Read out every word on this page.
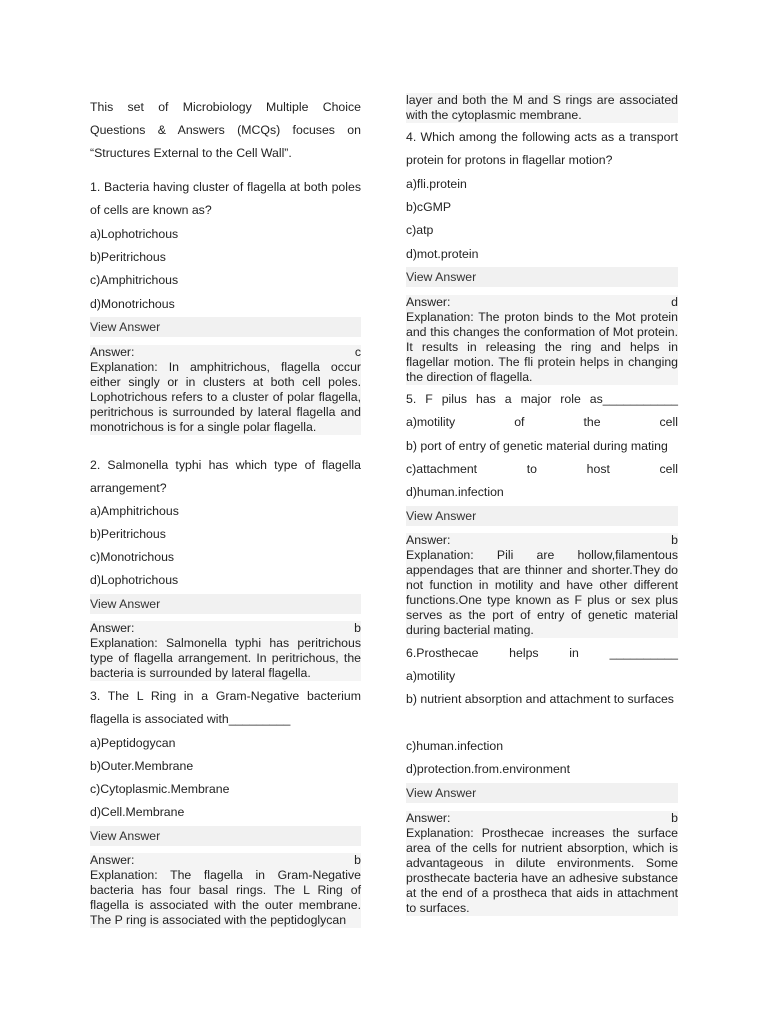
This set of Microbiology Multiple Choice Questions & Answers (MCQs) focuses on “Structures External to the Cell Wall”.
1. Bacteria having cluster of flagella at both poles of cells are known as?
a)Lophotrichous
b)Peritrichous
c)Amphitrichous
d)Monotrichous
View Answer
Answer:	c
Explanation: In amphitrichous, flagella occur either singly or in clusters at both cell poles. Lophotrichous refers to a cluster of polar flagella, peritrichous is surrounded by lateral flagella and monotrichous is for a single polar flagella.
2. Salmonella typhi has which type of flagella arrangement?
a)Amphitrichous
b)Peritrichous
c)Monotrichous
d)Lophotrichous
View Answer
Answer:	b
Explanation: Salmonella typhi has peritrichous type of flagella arrangement. In peritrichous, the bacteria is surrounded by lateral flagella.
3. The L Ring in a Gram-Negative bacterium flagella is associated with_________
a)Peptidogycan
b)Outer.Membrane
c)Cytoplasmic.Membrane
d)Cell.Membrane
View Answer
Answer:	b
Explanation: The flagella in Gram-Negative bacteria has four basal rings. The L Ring of flagella is associated with the outer membrane. The P ring is associated with the peptidoglycan
layer and both the M and S rings are associated with the cytoplasmic membrane.
4. Which among the following acts as a transport protein for protons in flagellar motion?
a)fli.protein
b)cGMP
c)atp
d)mot.protein
View Answer
Answer:	d
Explanation: The proton binds to the Mot protein and this changes the conformation of Mot protein. It results in releasing the ring and helps in flagellar motion. The fli protein helps in changing the direction of flagella.
5. F pilus has a major role as___________
a)motility	of	the	cell
b) port of entry of genetic material during mating
c)attachment	to	host	cell
d)human.infection
View Answer
Answer:	b
Explanation: Pili are hollow,filamentous appendages that are thinner and shorter.They do not function in motility and have other different functions.One type known as F plus or sex plus serves as the port of entry of genetic material during bacterial mating.
6.Prosthecae helps in __________
a)motility
b) nutrient absorption and attachment to surfaces
c)human.infection
d)protection.from.environment
View Answer
Answer:	b
Explanation: Prosthecae increases the surface area of the cells for nutrient absorption, which is advantageous in dilute environments. Some prosthecate bacteria have an adhesive substance at the end of a prostheca that aids in attachment to surfaces.
